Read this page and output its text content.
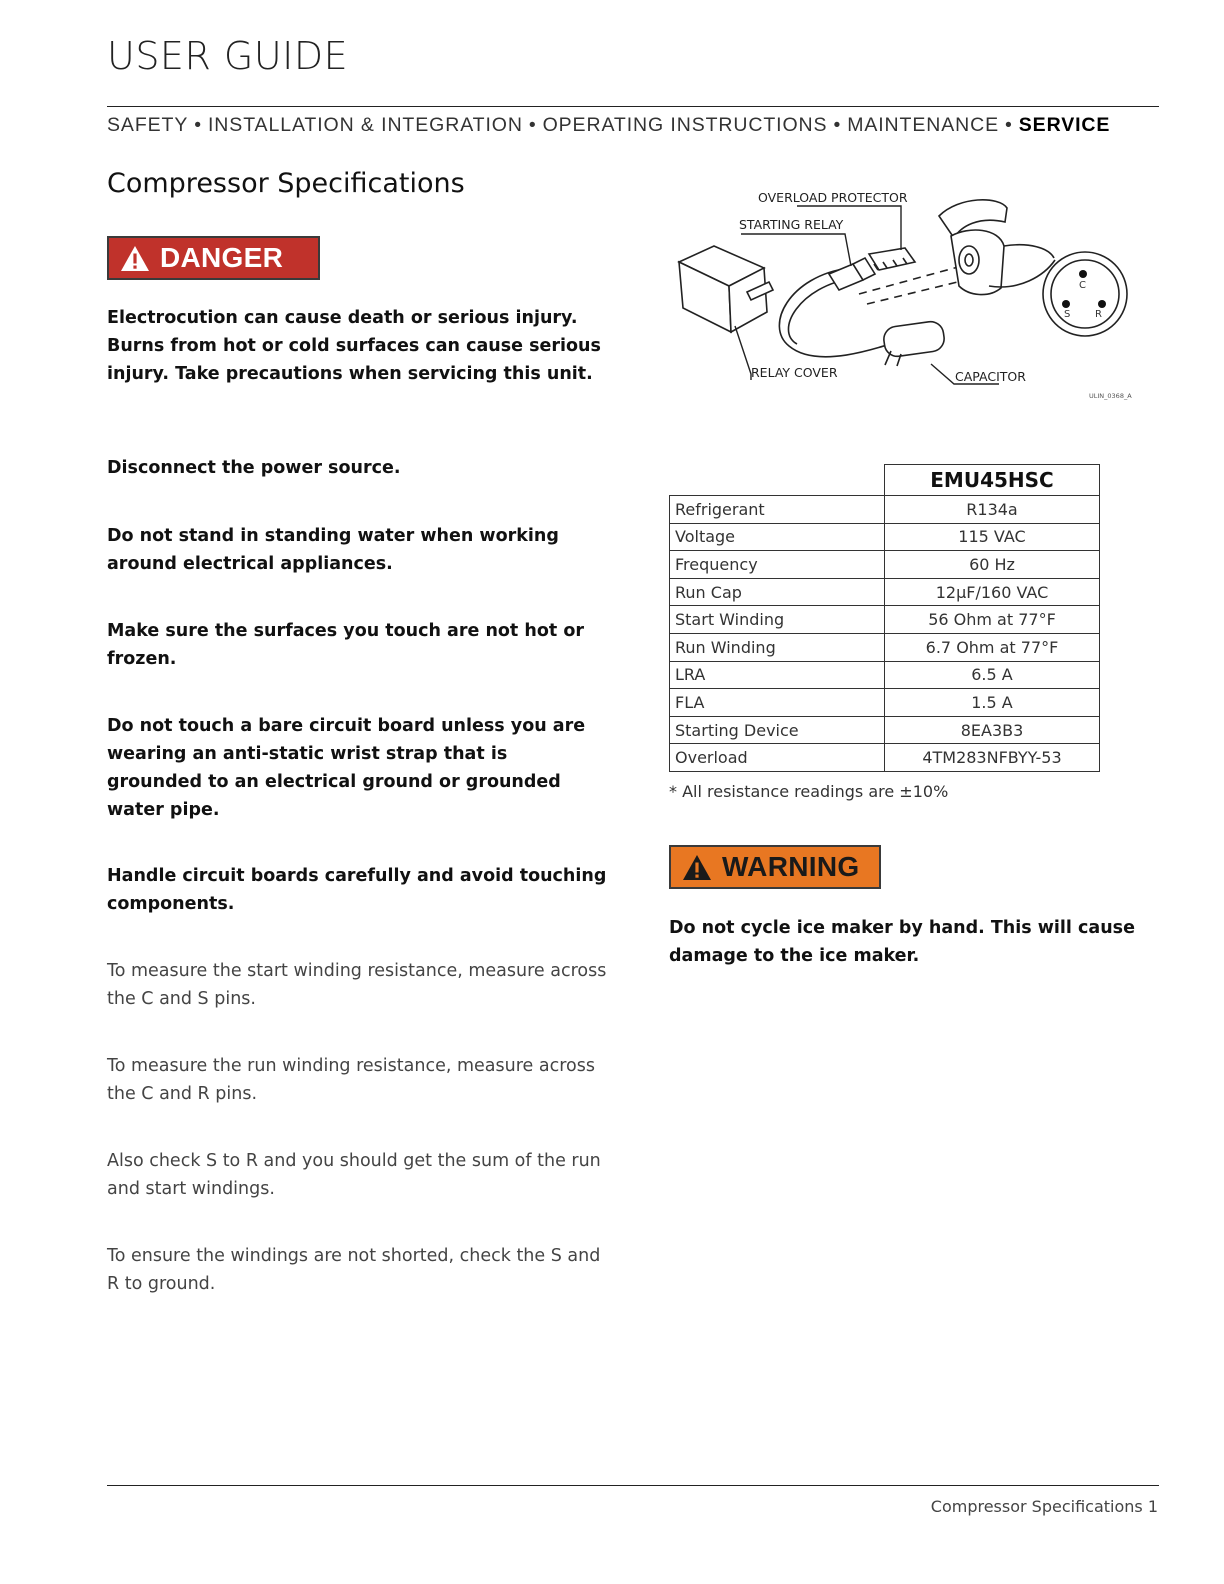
USER GUIDE
SAFETY • INSTALLATION & INTEGRATION • OPERATING INSTRUCTIONS • MAINTENANCE • SERVICE
Compressor Specifications
DANGER
Electrocution can cause death or serious injury. Burns from hot or cold surfaces can cause serious injury. Take precautions when servicing this unit.
Disconnect the power source.
Do not stand in standing water when working around electrical appliances.
Make sure the surfaces you touch are not hot or frozen.
Do not touch a bare circuit board unless you are wearing an anti-static wrist strap that is grounded to an electrical ground or grounded water pipe.
Handle circuit boards carefully and avoid touching components.
To measure the start winding resistance, measure across the C and S pins.
To measure the run winding resistance, measure across the C and R pins.
Also check S to R and you should get the sum of the run and start windings.
To ensure the windings are not shorted, check the S and R to ground.
C
S R
OVERLOAD PROTECTOR
STARTING RELAY
RELAY COVER	CAPACITOR
ULIN_0368_A
	EMU45HSC
Refrigerant	R134a
Voltage	115 VAC
Frequency	60 Hz
Run Cap	12µF/160 VAC
Start Winding	56 Ohm at 77°F
Run Winding	6.7 Ohm at 77°F
LRA	6.5 A
FLA	1.5 A
Starting Device	8EA3B3
Overload	4TM283NFBYY-53
* All resistance readings are ±10%
WARNING
Do not cycle ice maker by hand. This will cause damage to the ice maker.
Compressor Specifications 1
